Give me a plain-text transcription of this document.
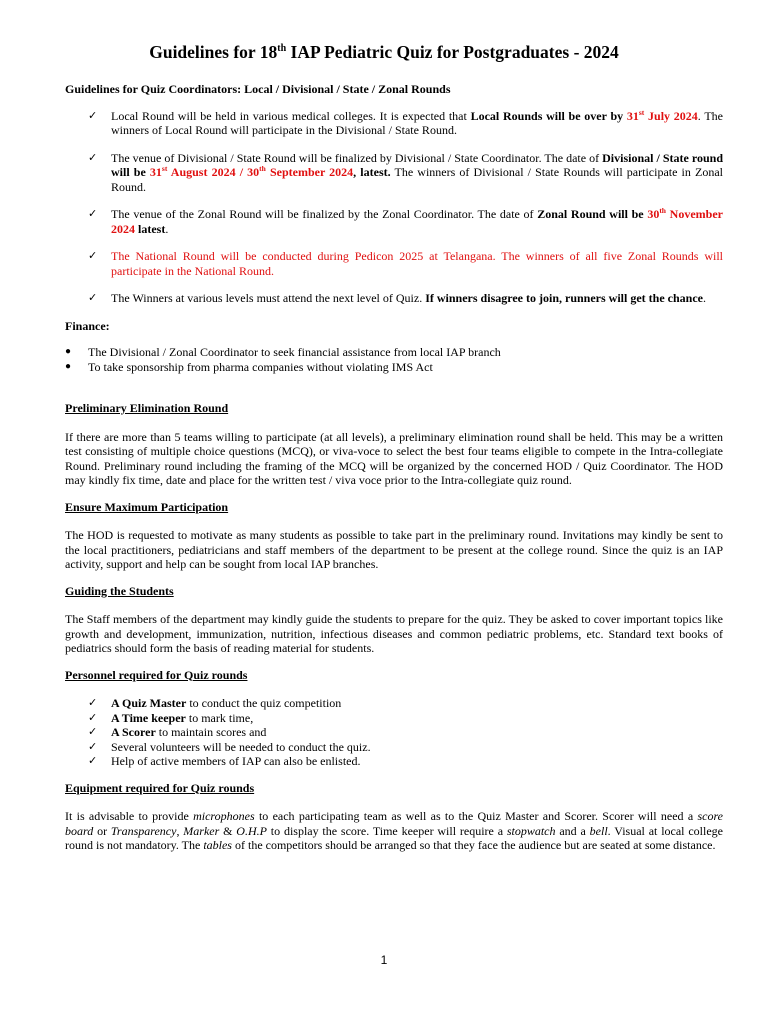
Guidelines for 18th IAP Pediatric Quiz for Postgraduates - 2024

Guidelines for Quiz Coordinators: Local / Divisional / State / Zonal Rounds

✓ Local Round will be held in various medical colleges. It is expected that Local Rounds will be over by 31st July 2024. The winners of Local Round will participate in the Divisional / State Round.
✓ The venue of Divisional / State Round will be finalized by Divisional / State Coordinator. The date of Divisional / State round will be 31st August 2024 / 30th September 2024, latest. The winners of Divisional / State Rounds will participate in Zonal Round.
✓ The venue of the Zonal Round will be finalized by the Zonal Coordinator. The date of Zonal Round will be 30th November 2024 latest.
✓ The National Round will be conducted during Pedicon 2025 at Telangana. The winners of all five Zonal Rounds will participate in the National Round.
✓ The Winners at various levels must attend the next level of Quiz. If winners disagree to join, runners will get the chance.

Finance:

● The Divisional / Zonal Coordinator to seek financial assistance from local IAP branch
● To take sponsorship from pharma companies without violating IMS Act

Preliminary Elimination Round

If there are more than 5 teams willing to participate (at all levels), a preliminary elimination round shall be held. This may be a written test consisting of multiple choice questions (MCQ), or viva-voce to select the best four teams eligible to compete in the Intra-collegiate Round. Preliminary round including the framing of the MCQ will be organized by the concerned HOD / Quiz Coordinator. The HOD may kindly fix time, date and place for the written test / viva voce prior to the Intra-collegiate quiz round.

Ensure Maximum Participation

The HOD is requested to motivate as many students as possible to take part in the preliminary round. Invitations may kindly be sent to the local practitioners, pediatricians and staff members of the department to be present at the college round. Since the quiz is an IAP activity, support and help can be sought from local IAP branches.

Guiding the Students

The Staff members of the department may kindly guide the students to prepare for the quiz. They be asked to cover important topics like growth and development, immunization, nutrition, infectious diseases and common pediatric problems, etc. Standard text books of pediatrics should form the basis of reading material for students.

Personnel required for Quiz rounds

✓ A Quiz Master to conduct the quiz competition
✓ A Time keeper to mark time,
✓ A Scorer to maintain scores and
✓ Several volunteers will be needed to conduct the quiz.
✓ Help of active members of IAP can also be enlisted.

Equipment required for Quiz rounds

It is advisable to provide microphones to each participating team as well as to the Quiz Master and Scorer. Scorer will need a score board or Transparency, Marker & O.H.P to display the score. Time keeper will require a stopwatch and a bell. Visual at local college round is not mandatory. The tables of the competitors should be arranged so that they face the audience but are seated at some distance.

1
